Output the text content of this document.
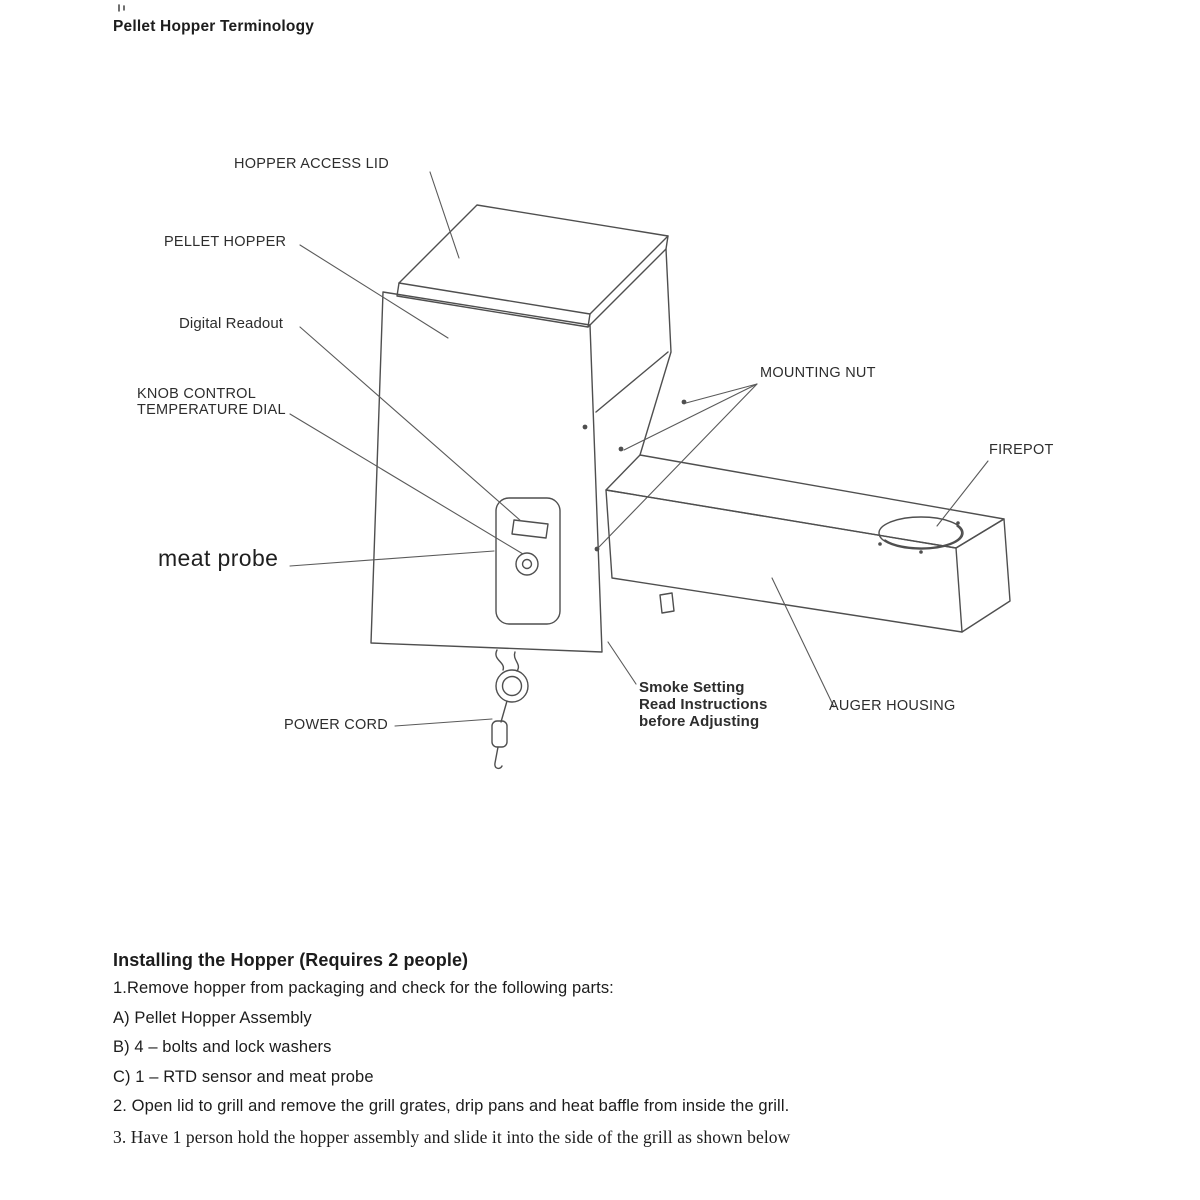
Pellet Hopper Terminology
HOPPER ACCESS LID
PELLET HOPPER
Digital Readout
KNOB CONTROL
TEMPERATURE DIAL
meat probe
POWER CORD
MOUNTING NUT
FIREPOT
Smoke Setting
Read Instructions
before Adjusting
AUGER HOUSING
Installing the Hopper (Requires 2 people)
1.Remove hopper from packaging and check for the following parts:
A) Pellet Hopper Assembly
B) 4 – bolts and lock washers
C) 1 – RTD sensor and meat probe
2. Open lid to grill and remove the grill grates, drip pans and heat baffle from inside the grill.
3. Have 1 person hold the hopper assembly and slide it into the side of the grill as shown below
